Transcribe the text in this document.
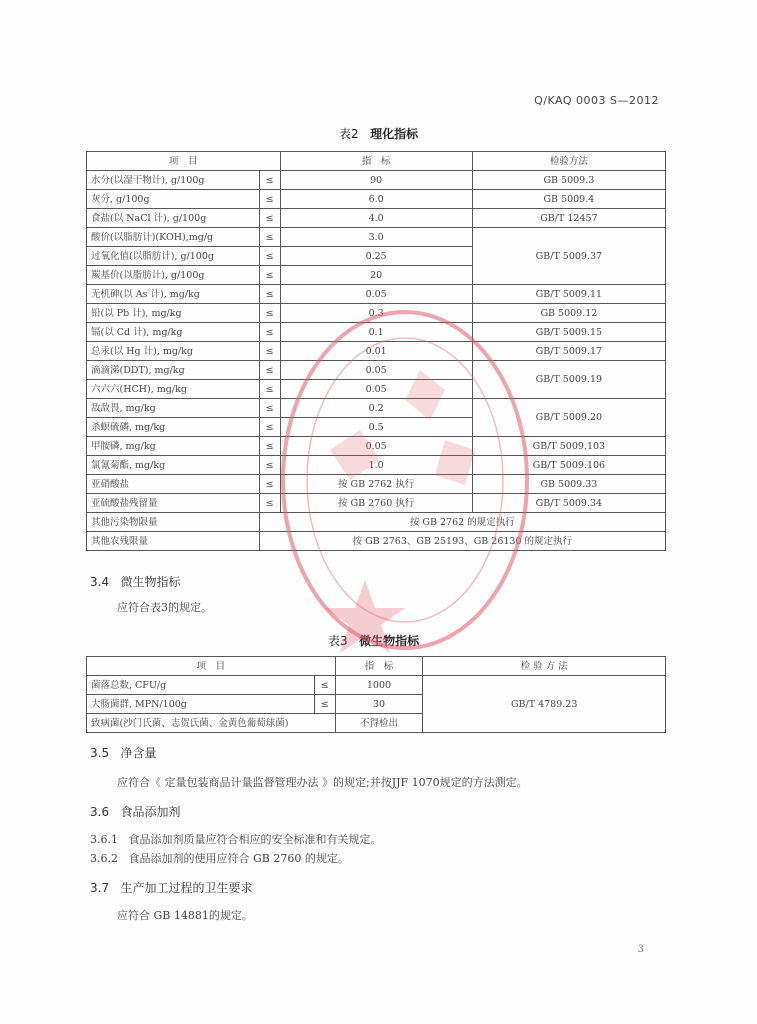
Q/KAQ 0003 S—2012
表2 理化指标
项　目		指　标	检验方法
水分(以湿干物计), g/100g	≤	90	GB 5009.3
灰分, g/100g	≤	6.0	GB 5009.4
食盐(以 NaCl 计), g/100g	≤	4.0	GB/T 12457
酸价(以脂肪计)(KOH),mg/g	≤	3.0	GB/T 5009.37
过氧化值(以脂肪计), g/100g	≤	0.25	
羰基价(以脂肪计), g/100g	≤	20	
无机砷(以 As 计), mg/kg	≤	0.05	GB/T 5009.11
铅(以 Pb 计), mg/kg	≤	0.3	GB 5009.12
镉(以 Cd 计), mg/kg	≤	0.1	GB/T 5009.15
总汞(以 Hg 计), mg/kg	≤	0.01	GB/T 5009.17
滴滴涕(DDT), mg/kg	≤	0.05	GB/T 5009.19
六六六(HCH), mg/kg	≤	0.05	
敌敌畏, mg/kg	≤	0.2	GB/T 5009.20
杀螟硫磷, mg/kg	≤	0.5	
甲胺磷, mg/kg	≤	0.05	GB/T 5009.103
氯氰菊酯, mg/kg	≤	1.0	GB/T 5009.106
亚硝酸盐	≤	按 GB 2762 执行	GB 5009.33
亚硫酸盐残留量	≤	按 GB 2760 执行	GB/T 5009.34
其他污染物限量	按 GB 2762 的规定执行		
其他农残限量	按 GB 2763、GB 25193、GB 26130 的规定执行		
3.4 微生物指标
应符合表3的规定。
表3 微生物指标
项　目		指　标	检 验 方 法
菌落总数, CFU/g	≤	1000	GB/T 4789.23
大肠菌群, MPN/100g	≤	30	
致病菌(沙门氏菌、志贺氏菌、金黄色葡萄球菌)		不得检出	
3.5 净含量
应符合《 定量包装商品计量监督管理办法 》的规定;并按JJF 1070规定的方法测定。
3.6 食品添加剂
3.6.1 食品添加剂质量应符合相应的安全标准和有关规定。
3.6.2 食品添加剂的使用应符合 GB 2760 的规定。
3.7 生产加工过程的卫生要求
应符合 GB 14881的规定。
3
